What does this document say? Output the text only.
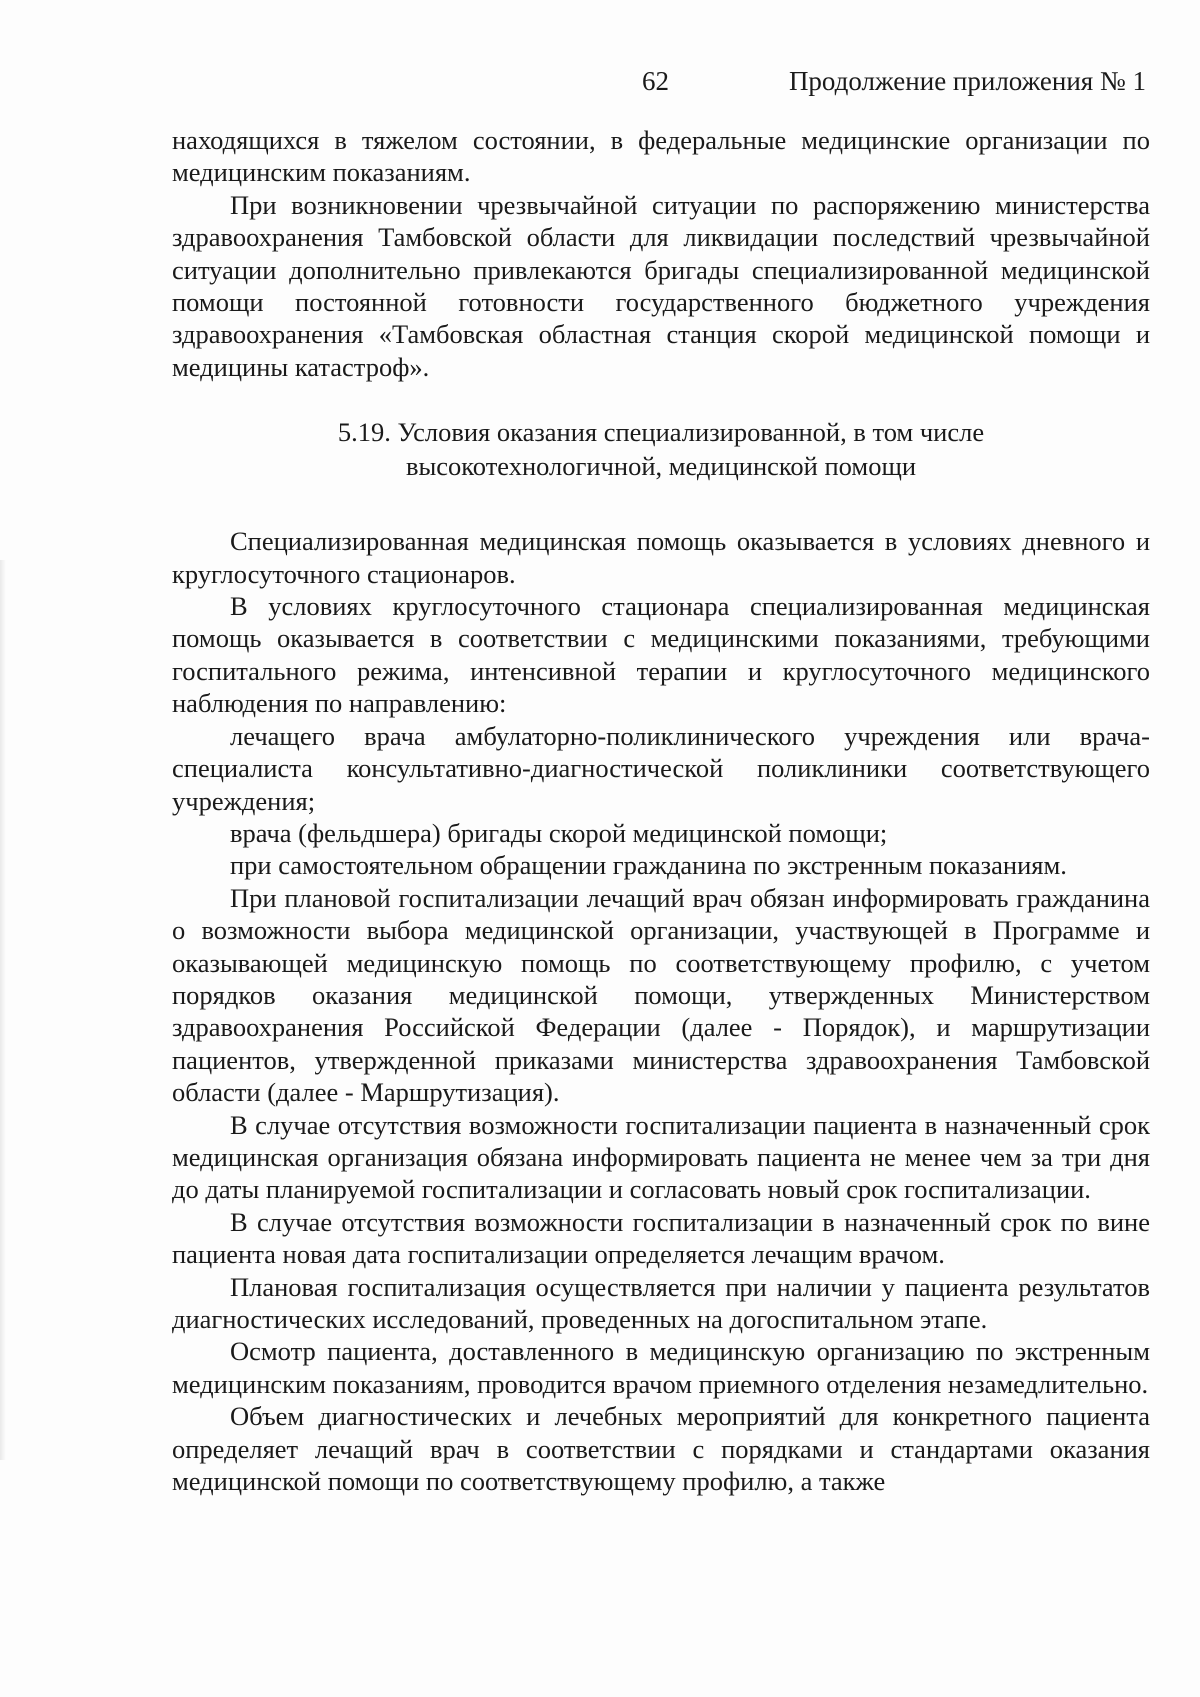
62	Продолжение приложения № 1

находящихся в тяжелом состоянии, в федеральные медицинские организации по медицинским показаниям.

При возникновении чрезвычайной ситуации по распоряжению министерства здравоохранения Тамбовской области для ликвидации последствий чрезвычайной ситуации дополнительно привлекаются бригады специализированной медицинской помощи постоянной готовности государственного бюджетного учреждения здравоохранения «Тамбовская областная станция скорой медицинской помощи и медицины катастроф».

5.19. Условия оказания специализированной, в том числе
высокотехнологичной, медицинской помощи

Специализированная медицинская помощь оказывается в условиях дневного и круглосуточного стационаров.

В условиях круглосуточного стационара специализированная медицинская помощь оказывается в соответствии с медицинскими показаниями, требующими госпитального режима, интенсивной терапии и круглосуточного медицинского наблюдения по направлению:

лечащего врача амбулаторно-поликлинического учреждения или врача-специалиста консультативно-диагностической поликлиники соответствующего учреждения;

врача (фельдшера) бригады скорой медицинской помощи;

при самостоятельном обращении гражданина по экстренным показаниям.

При плановой госпитализации лечащий врач обязан информировать гражданина о возможности выбора медицинской организации, участвующей в Программе и оказывающей медицинскую помощь по соответствующему профилю, с учетом порядков оказания медицинской помощи, утвержденных Министерством здравоохранения Российской Федерации (далее - Порядок), и маршрутизации пациентов, утвержденной приказами министерства здравоохранения Тамбовской области (далее - Маршрутизация).

В случае отсутствия возможности госпитализации пациента в назначенный срок медицинская организация обязана информировать пациента не менее чем за три дня до даты планируемой госпитализации и согласовать новый срок госпитализации.

В случае отсутствия возможности госпитализации в назначенный срок по вине пациента новая дата госпитализации определяется лечащим врачом.

Плановая госпитализация осуществляется при наличии у пациента результатов диагностических исследований, проведенных на догоспитальном этапе.

Осмотр пациента, доставленного в медицинскую организацию по экстренным медицинским показаниям, проводится врачом приемного отделения незамедлительно.

Объем диагностических и лечебных мероприятий для конкретного пациента определяет лечащий врач в соответствии с порядками и стандартами оказания медицинской помощи по соответствующему профилю, а также
